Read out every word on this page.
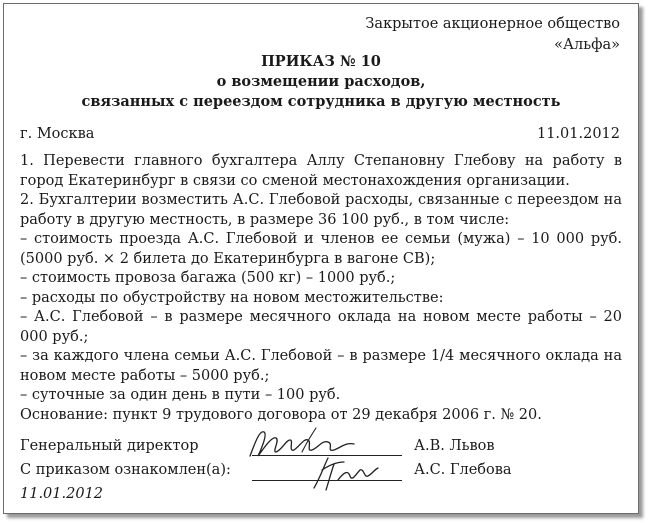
Закрытое акционерное общество
«Альфа»
ПРИКАЗ № 10
о возмещении расходов,
связанных с переездом сотрудника в другую местность
г. Москва	11.01.2012

1. Перевести главного бухгалтера Аллу Степановну Глебову на работу в город Екатеринбург в связи со сменой местонахождения организации.

2. Бухгалтерии возместить А.С. Глебовой расходы, связанные с переездом на работу в другую местность, в размере 36 100 руб., в том числе:

– стоимость проезда А.С. Глебовой и членов ее семьи (мужа) – 10 000 руб. (5000 руб. × 2 билета до Екатеринбурга в вагоне СВ);

– стоимость провоза багажа (500 кг) – 1000 руб.;

– расходы по обустройству на новом местожительстве:

– А.С. Глебовой – в размере месячного оклада на новом месте работы – 20 000 руб.;

– за каждого члена семьи А.С. Глебовой – в размере 1/4 месячного оклада на новом месте работы – 5000 руб.;

– суточные за один день в пути – 100 руб.

Основание: пункт 9 трудового договора от 29 декабря 2006 г. № 20.

Генеральный директор	А.В. Львов
С приказом ознакомлен(а):	А.С. Глебова
11.01.2012
